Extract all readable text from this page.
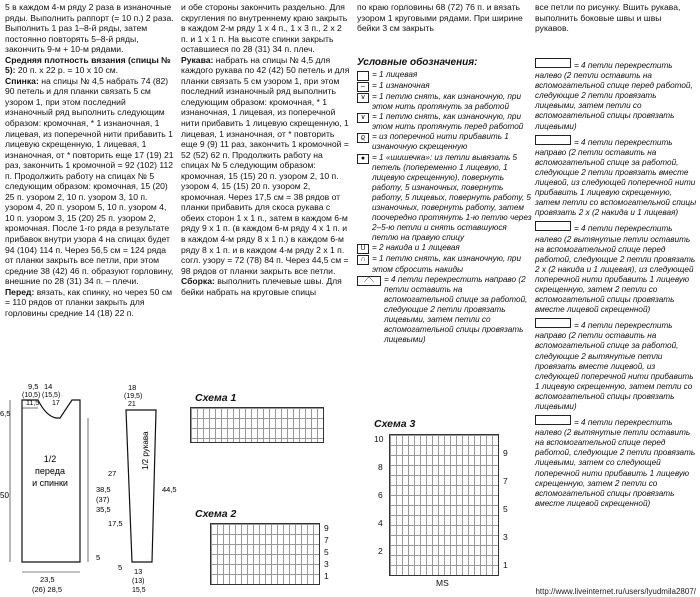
5 в каждом 4-м ряду 2 раза в изнаночные ряды. Выполнить раппорт (= 10 п.) 2 раза. Выполнить 1 раз 1–8-й ряды, затем постоянно повторять 5–8-й ряды, закончить 9-м + 10-м рядами.

Средняя плотность вязания (спицы № 5): 20 п. x 22 р. = 10 x 10 см.

Спинка: на спицы № 4,5 набрать 74 (82) 90 петель и для планки связать 5 см узором 1, при этом последний изнаночный ряд выполнить следующим образом: кромочная, * 1 изнаночная, 1 лицевая, из поперечной нити прибавить 1 лицевую скрещенную, 1 лицевая, 1 изнаночная, от * повторить еще 17 (19) 21 раз, закончить 1 кромочной = 92 (102) 112 п. Продолжить работу на спицах № 5 следующим образом: кромочная, 15 (20) 25 п. узором 2, 10 п. узором 3, 10 п. узором 4, 20 п. узором 5, 10 п. узором 4, 10 п. узором 3, 15 (20) 25 п. узором 2, кромочная. После 1-го ряда в результате прибавок внутри узора 4 на спицах будет 94 (104) 114 п. Через 56,5 см = 124 ряда от планки закрыть все петли, при этом средние 38 (42) 46 п. образуют горловину, внешние по 28 (31) 34 п. – плечи.

Перед: вязать, как спинку, но через 50 см = 110 рядов от планки закрыть для горловины средние 14 (18) 22 п.

и обе стороны закончить раздельно. Для скругления по внутреннему краю закрыть в каждом 2-м ряду 1 x 4 п., 1 x 3 п., 2 x 2 п. и 1 x 1 п. На высоте спинки закрыть оставшиеся по 28 (31) 34 п. плеч.

Рукава: набрать на спицы № 4,5 для каждого рукава по 42 (42) 50 петель и для планки связать 5 см узором 1, при этом последний изнаночный ряд выполнить следующим образом: кромочная, * 1 изнаночная, 1 лицевая, из поперечной нити прибавить 1 лицевую скрещенную, 1 лицевая, 1 изнаночная, от * повторить еще 9 (9) 11 раз, закончить 1 кромочной = 52 (52) 62 п. Продолжить работу на спицах № 5 следующим образом: кромочная, 15 (15) 20 п. узором 2, 10 п. узором 4, 15 (15) 20 п. узором 2, кромочная. Через 17,5 см = 38 рядов от планки прибавить для скоса рукава с обеих сторон 1 x 1 п., затем в каждом 6-м ряду 9 x 1 п. (в каждом 6-м ряду 4 x 1 п. и в каждом 4-м ряду 8 x 1 п.) в каждом 6-м ряду 8 x 1 п. и в каждом 4-м ряду 2 x 1 п. согл. узору = 72 (78) 84 п. Через 44,5 см = 98 рядов от планки закрыть все петли.

Сборка: выполнить плечевые швы. Для бейки набрать на круговые спицы

по краю горловины 68 (72) 76 п. и вязать узором 1 круговыми рядами. При ширине бейки 3 см закрыть

все петли по рисунку. Вшить рукава, выполнить боковые швы и швы рукавов.

Условные обозначения:
= 1 лицевая
– = 1 изнаночная
∨ = 1 петлю снять, как изнаночную, при этом нить протянуть за работой
∨ = 1 петлю снять, как изнаночную, при этом нить протянуть перед работой
ϱ = из поперечной нити прибавить 1 изнаночную скрещенную
● = 1 «шишечка»: из петли вывязать 5 петель (попеременно 1 лицевую, 1 лицевую скрещенную), повернуть работу, 5 изнаночных, повернуть работу, 5 лицевых, повернуть работу, 5 изнаночных, повернуть работу, затем поочередно протянуть 1-ю петлю через 2–5-ю петли и снять оставшуюся петлю на правую спицу
U = 2 накида и 1 лицевая
∩ = 1 петлю снять, как изнаночную, при этом сбросить накиды
⟋⟍	= 4 петли перекрестить направо (2 петли оставить на вспомогательной спице за работой, следующие 2 петли провязать лицевыми, затем петли со вспомогательной спицы провязать лицевыми)
= 4 петли перекрестить налево (2 петли оставить на вспомогательной спице перед работой, следующие 2 петли провязать лицевыми, затем петли со вспомогательной спицы провязать лицевыми)
= 4 петли перекрестить направо (2 петли оставить на вспомогательной спице за работой, следующие 2 петли провязать вместе лицевой, из следующей поперечной нити прибавить 1 лицевую скрещенную, затем петли со вспомогательной спицы провязать 2 x (2 накида и 1 лицевая)
= 4 петли перекрестить налево (2 вытянутые петли оставить на вспомогательной спице перед работой, следующие 2 петли провязать 2 x (2 накида и 1 лицевая), из следующей поперечной нити прибавить 1 лицевую скрещенную, затем 2 петли со вспомогательной спицы провязать вместе лицевой скрещенной)
= 4 петли перекрестить направо (2 петли оставить на вспомогательной спице за работой, следующие 2 вытянутые петли провязать вместе лицевой, из следующей поперечной нити прибавить 1 лицевую скрещенную, затем петли со вспомогательной спицы провязать лицевыми)
= 4 петли перекрестить налево (2 вытянутые петли оставить на вспомогательной спице перед работой, следующие 2 петли провязать лицевыми, затем со следующей поперечной нити прибавить 1 лицевую скрещенную, затем 2 петли со вспомогательной спицы провязать вместе лицевой скрещенной)
1/2
переда
и спинки
9,5 14
(10,5) (15,5)
11,5 17
6,5
50
38,5
(37)
35,5
5
23,5
(26) 28,5
18
(19,5)
21
27
17,5
44,5
13
(13)
15,5
5
1/2 рукава
Схема 1
Схема 2
9
7
5
3
1
Схема 3
10
8
6
4
2
9
7
5
3
1
MS
http://www.liveinternet.ru/users/lyudmila2807/
